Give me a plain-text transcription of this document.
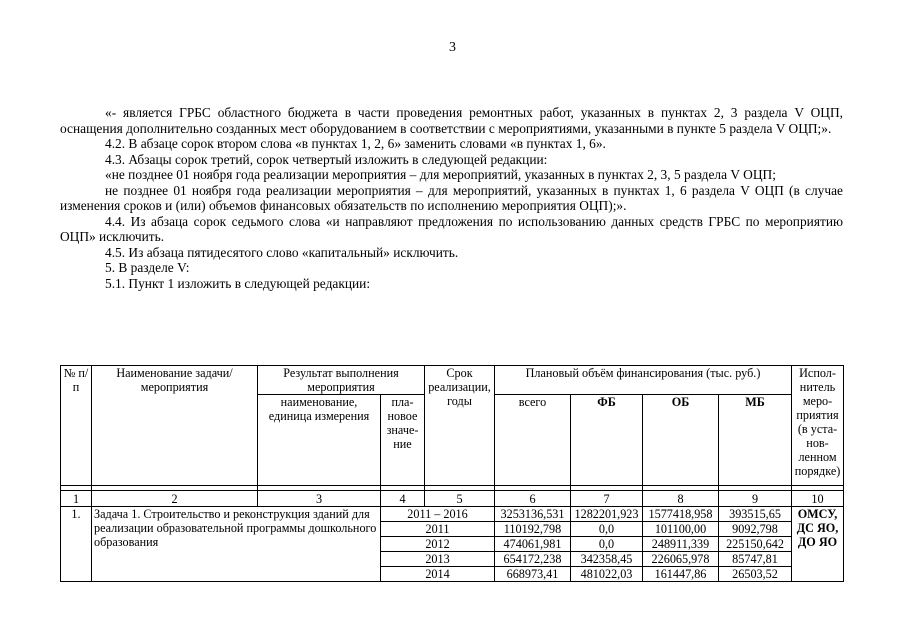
3

«- является ГРБС областного бюджета в части проведения ремонтных работ, указанных в пунктах 2, 3 раздела V ОЦП, оснащения дополнительно созданных мест оборудованием в соответствии с мероприятиями, указанными в пункте 5 раздела V ОЦП;».

4.2. В абзаце сорок втором слова «в пунктах 1, 2, 6» заменить словами «в пунктах 1, 6».

4.3. Абзацы сорок третий, сорок четвертый изложить в следующей редакции:

«не позднее 01 ноября года реализации мероприятия – для мероприятий, указанных в пунктах 2, 3, 5 раздела V ОЦП;

не позднее 01 ноября года реализации мероприятия – для мероприятий, указанных в пунктах 1, 6 раздела V ОЦП (в случае изменения сроков и (или) объемов финансовых обязательств по исполнению мероприятия ОЦП);».

4.4. Из абзаца сорок седьмого слова «и направляют предложения по использованию данных средств ГРБС по мероприятию ОЦП» исключить.

4.5. Из абзаца пятидесятого слово «капитальный» исключить.

5. В разделе V:

5.1. Пункт 1 изложить в следующей редакции:

№ п/п	Наименование задачи/ мероприятия	Результат выполнения мероприятия		Срок реализации, годы	Плановый объём финансирования (тыс. руб.)				Испол-нитель меро-приятия (в уста-нов-ленном порядке)
		наименование, единица измерения	пла-новое значе-ние		всего	ФБ	ОБ	МБ	

1	2	3	4	5	6	7	8	9	10
1.	Задача 1. Строительство и реконструкция зданий для реализации образовательной программы дошкольного образования		2011 – 2016		3253136,531	1282201,923	1577418,958	393515,65	ОМСУ, ДС ЯО, ДО ЯО
			2011		110192,798	0,0	101100,00	9092,798	
			2012		474061,981	0,0	248911,339	225150,642	
			2013		654172,238	342358,45	226065,978	85747,81	
			2014		668973,41	481022,03	161447,86	26503,52	
